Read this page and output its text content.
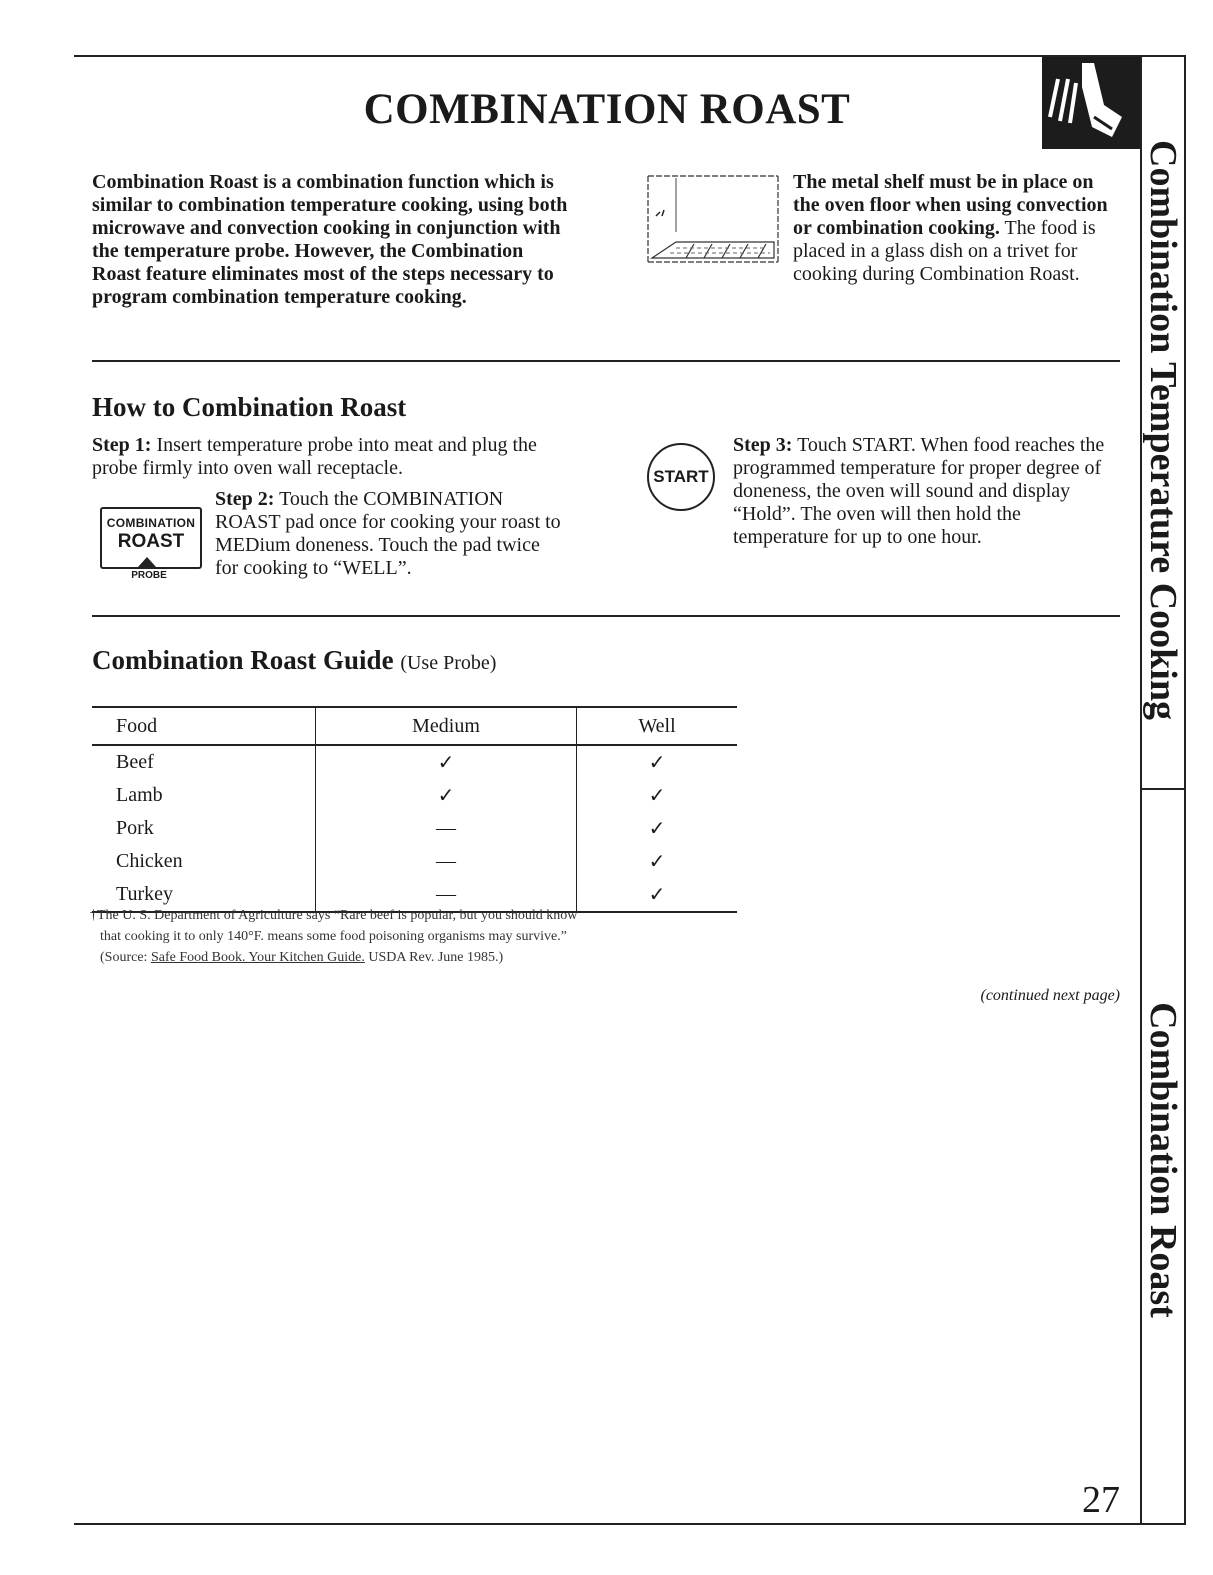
COMBINATION ROAST
Combination Roast is a combination function which is similar to combination temperature cooking, using both microwave and convection cooking in conjunction with the temperature probe. However, the Combination Roast feature eliminates most of the steps necessary to program combination temperature cooking.
The metal shelf must be in place on the oven floor when using convection or combination cooking. The food is placed in a glass dish on a trivet for cooking during Combination Roast.
How to Combination Roast
Step 1: Insert temperature probe into meat and plug the probe firmly into oven wall receptacle.
COMBINATION
ROAST
PROBE
Step 2: Touch the COMBINATION ROAST pad once for cooking your roast to MEDium doneness. Touch the pad twice for cooking to “WELL”.
START
Step 3: Touch START. When food reaches the programmed temperature for proper degree of doneness, the oven will sound and display “Hold”. The oven will then hold the temperature for up to one hour.
Combination Roast Guide (Use Probe)
Food	Medium	Well
Beef	✓	✓
Lamb	✓	✓
Pork	—	✓
Chicken	—	✓
Turkey	—	✓
†The U. S. Department of Agriculture says “Rare beef is popular, but you should know
that cooking it to only 140°F. means some food poisoning organisms may survive.”
(Source: Safe Food Book. Your Kitchen Guide. USDA Rev. June 1985.)
(continued next page)
Combination Temperature Cooking
Combination Roast
27
